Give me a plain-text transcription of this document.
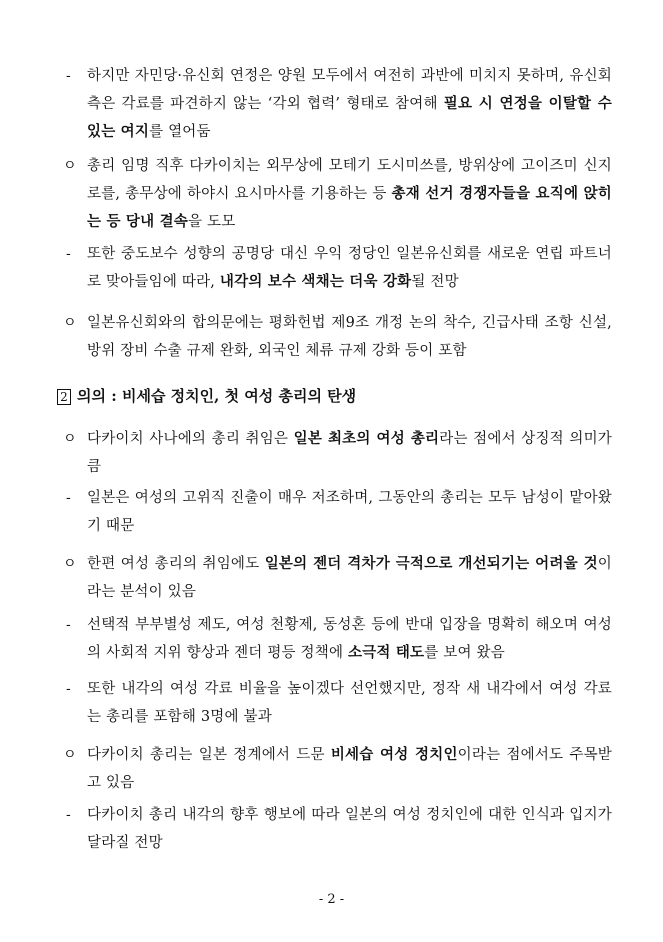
- 하지만 자민당·유신회 연정은 양원 모두에서 여전히 과반에 미치지 못하며, 유신회 측은 각료를 파견하지 않는 ‘각외 협력’ 형태로 참여해 필요 시 연정을 이탈할 수 있는 여지를 열어둠
ㅇ 총리 임명 직후 다카이치는 외무상에 모테기 도시미쓰를, 방위상에 고이즈미 신지로를, 총무상에 하야시 요시마사를 기용하는 등 총재 선거 경쟁자들을 요직에 앉히는 등 당내 결속을 도모
- 또한 중도보수 성향의 공명당 대신 우익 정당인 일본유신회를 새로운 연립 파트너로 맞아들임에 따라, 내각의 보수 색채는 더욱 강화될 전망
ㅇ 일본유신회와의 합의문에는 평화헌법 제9조 개정 논의 착수, 긴급사태 조항 신설, 방위 장비 수출 규제 완화, 외국인 체류 규제 강화 등이 포함
2 의의 : 비세습 정치인, 첫 여성 총리의 탄생
ㅇ 다카이치 사나에의 총리 취임은 일본 최초의 여성 총리라는 점에서 상징적 의미가 큼
- 일본은 여성의 고위직 진출이 매우 저조하며, 그동안의 총리는 모두 남성이 맡아왔기 때문
ㅇ 한편 여성 총리의 취임에도 일본의 젠더 격차가 극적으로 개선되기는 어려울 것이라는 분석이 있음
- 선택적 부부별성 제도, 여성 천황제, 동성혼 등에 반대 입장을 명확히 해오며 여성의 사회적 지위 향상과 젠더 평등 정책에 소극적 태도를 보여 왔음
- 또한 내각의 여성 각료 비율을 높이겠다 선언했지만, 정작 새 내각에서 여성 각료는 총리를 포함해 3명에 불과
ㅇ 다카이치 총리는 일본 정계에서 드문 비세습 여성 정치인이라는 점에서도 주목받고 있음
- 다카이치 총리 내각의 향후 행보에 따라 일본의 여성 정치인에 대한 인식과 입지가 달라질 전망
- 2 -
